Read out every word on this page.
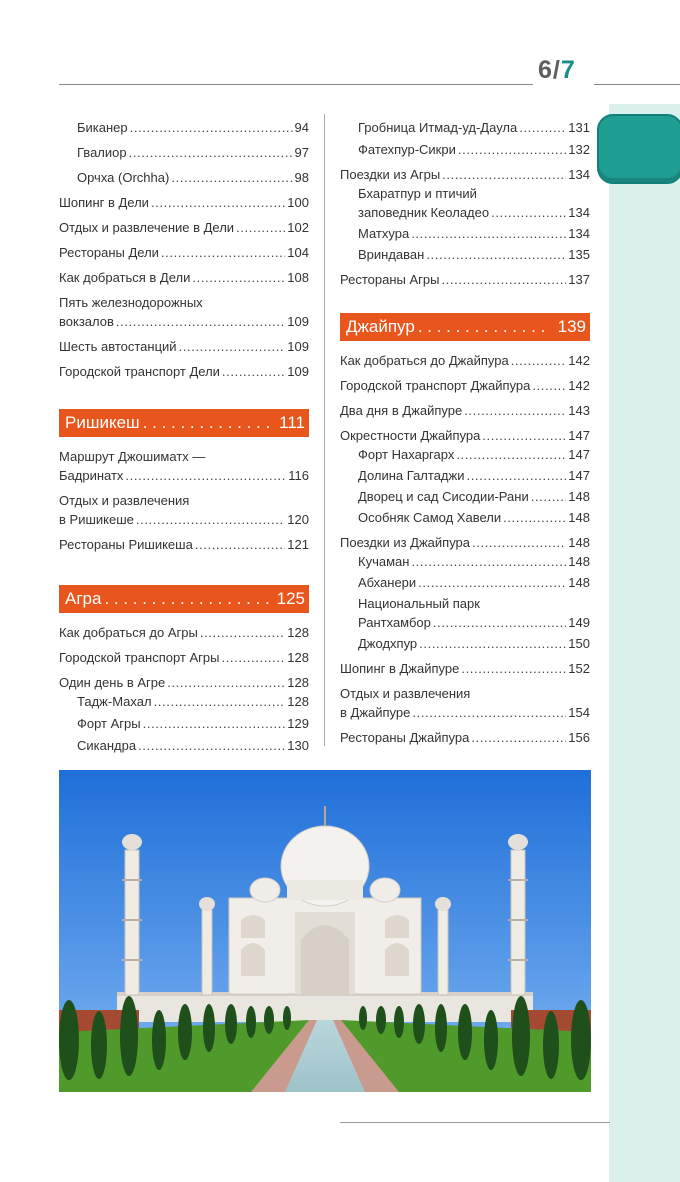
6/7
Биканер . . .	94
Гвалиор . . .	97
Орчха (Orchha) . . .	98
Шопинг в Дели . . .	100
Отдых и развлечение в Дели . . .	102
Рестораны Дели . . .	104
Как добраться в Дели . . .	108
Пять железнодорожных
вокзалов . . .	109
Шесть автостанций . . .	109
Городской транспорт Дели . . .	109
Ришикеш . . .	111
Маршрут Джошиматх —
Бадринатх . . .	116
Отдых и развлечения
в Ришикеше . . .	120
Рестораны Ришикеша . . .	121
Агра . . .	125
Как добраться до Агры . . .	128
Городской транспорт Агры . . .	128
Один день в Агре . . .	128
Тадж-Махал . . .	128
Форт Агры . . .	129
Сикандра . . .	130
Гробница Итмад-уд-Даула . . .	131
Фатехпур-Сикри . . .	132
Поездки из Агры . . .	134
Бхаратпур и птичий
заповедник Кеоладео . . .	134
Матхура . . .	134
Вриндаван . . .	135
Рестораны Агры . . .	137
Джайпур . . .	139
Как добраться до Джайпура . . .	142
Городской транспорт Джайпура . . .	142
Два дня в Джайпуре . . .	143
Окрестности Джайпура . . .	147
Форт Нахаргарх . . .	147
Долина Галтаджи . . .	147
Дворец и сад Сисодии-Рани . . .	148
Особняк Самод Хавели . . .	148
Поездки из Джайпура . . .	148
Кучаман . . .	148
Абханери . . .	148
Национальный парк
Рантхамбор . . .	149
Джодхпур . . .	150
Шопинг в Джайпуре . . .	152
Отдых и развлечения
в Джайпуре . . .	154
Рестораны Джайпура . . .	156
